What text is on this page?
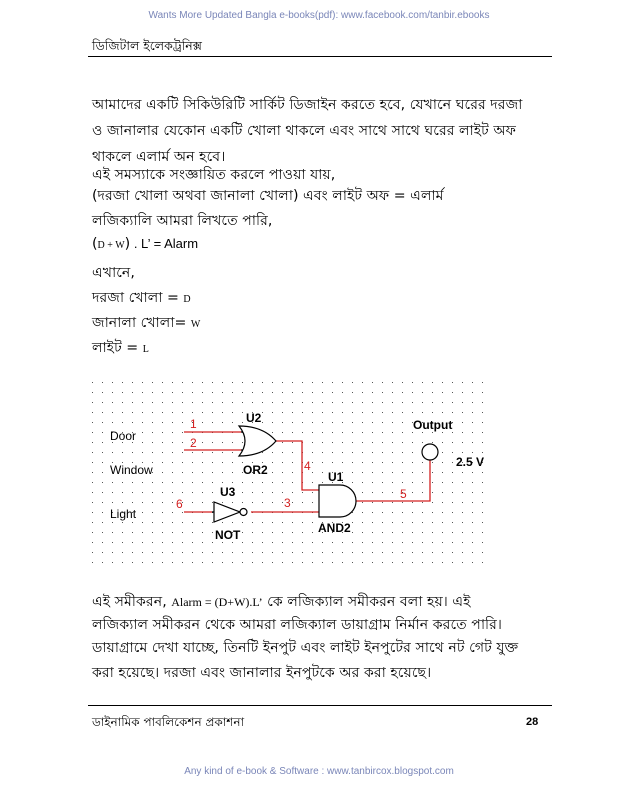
Wants More Updated Bangla e-books(pdf): www.facebook.com/tanbir.ebooks
ডিজিটাল ইলেকট্রনিক্স
আমাদের একটি সিকিউরিটি সার্কিট ডিজাইন করতে হবে, যেখানে ঘরের দরজা
ও জানালার যেকোন একটি খোলা থাকলে এবং সাথে সাথে ঘরের লাইট অফ
থাকলে এলার্ম অন হবে।
এই সমস্যাকে সংজ্ঞায়িত করলে পাওয়া যায়,
(দরজা খোলা অথবা জানালা খোলা) এবং লাইট অফ = এলার্ম
লজিক্যালি আমরা লিখতে পারি,
(D + W) . L’ = Alarm
এখানে,
দরজা খোলা = D
জানালা খোলা= W
লাইট = L
Door
Window
Light
1
2
6	3
4
5
U2
OR2
U3
NOT
U1
AND2
Output
2.5 V
এই সমীকরন, Alarm = (D+W).L’ কে লজিক্যাল সমীকরন বলা হয়। এই
লজিক্যাল সমীকরন থেকে আমরা লজিক্যাল ডায়াগ্রাম নির্মান করতে পারি।
ডায়াগ্রামে দেখা যাচ্ছে, তিনটি ইনপুট এবং লাইট ইনপুটের সাথে নট গেট যুক্ত
করা হয়েছে। দরজা এবং জানালার ইনপুটকে অর করা হয়েছে।
ডাইনামিক পাবলিকেশন প্রকাশনা	28
Any kind of e-book & Software : www.tanbircox.blogspot.com
